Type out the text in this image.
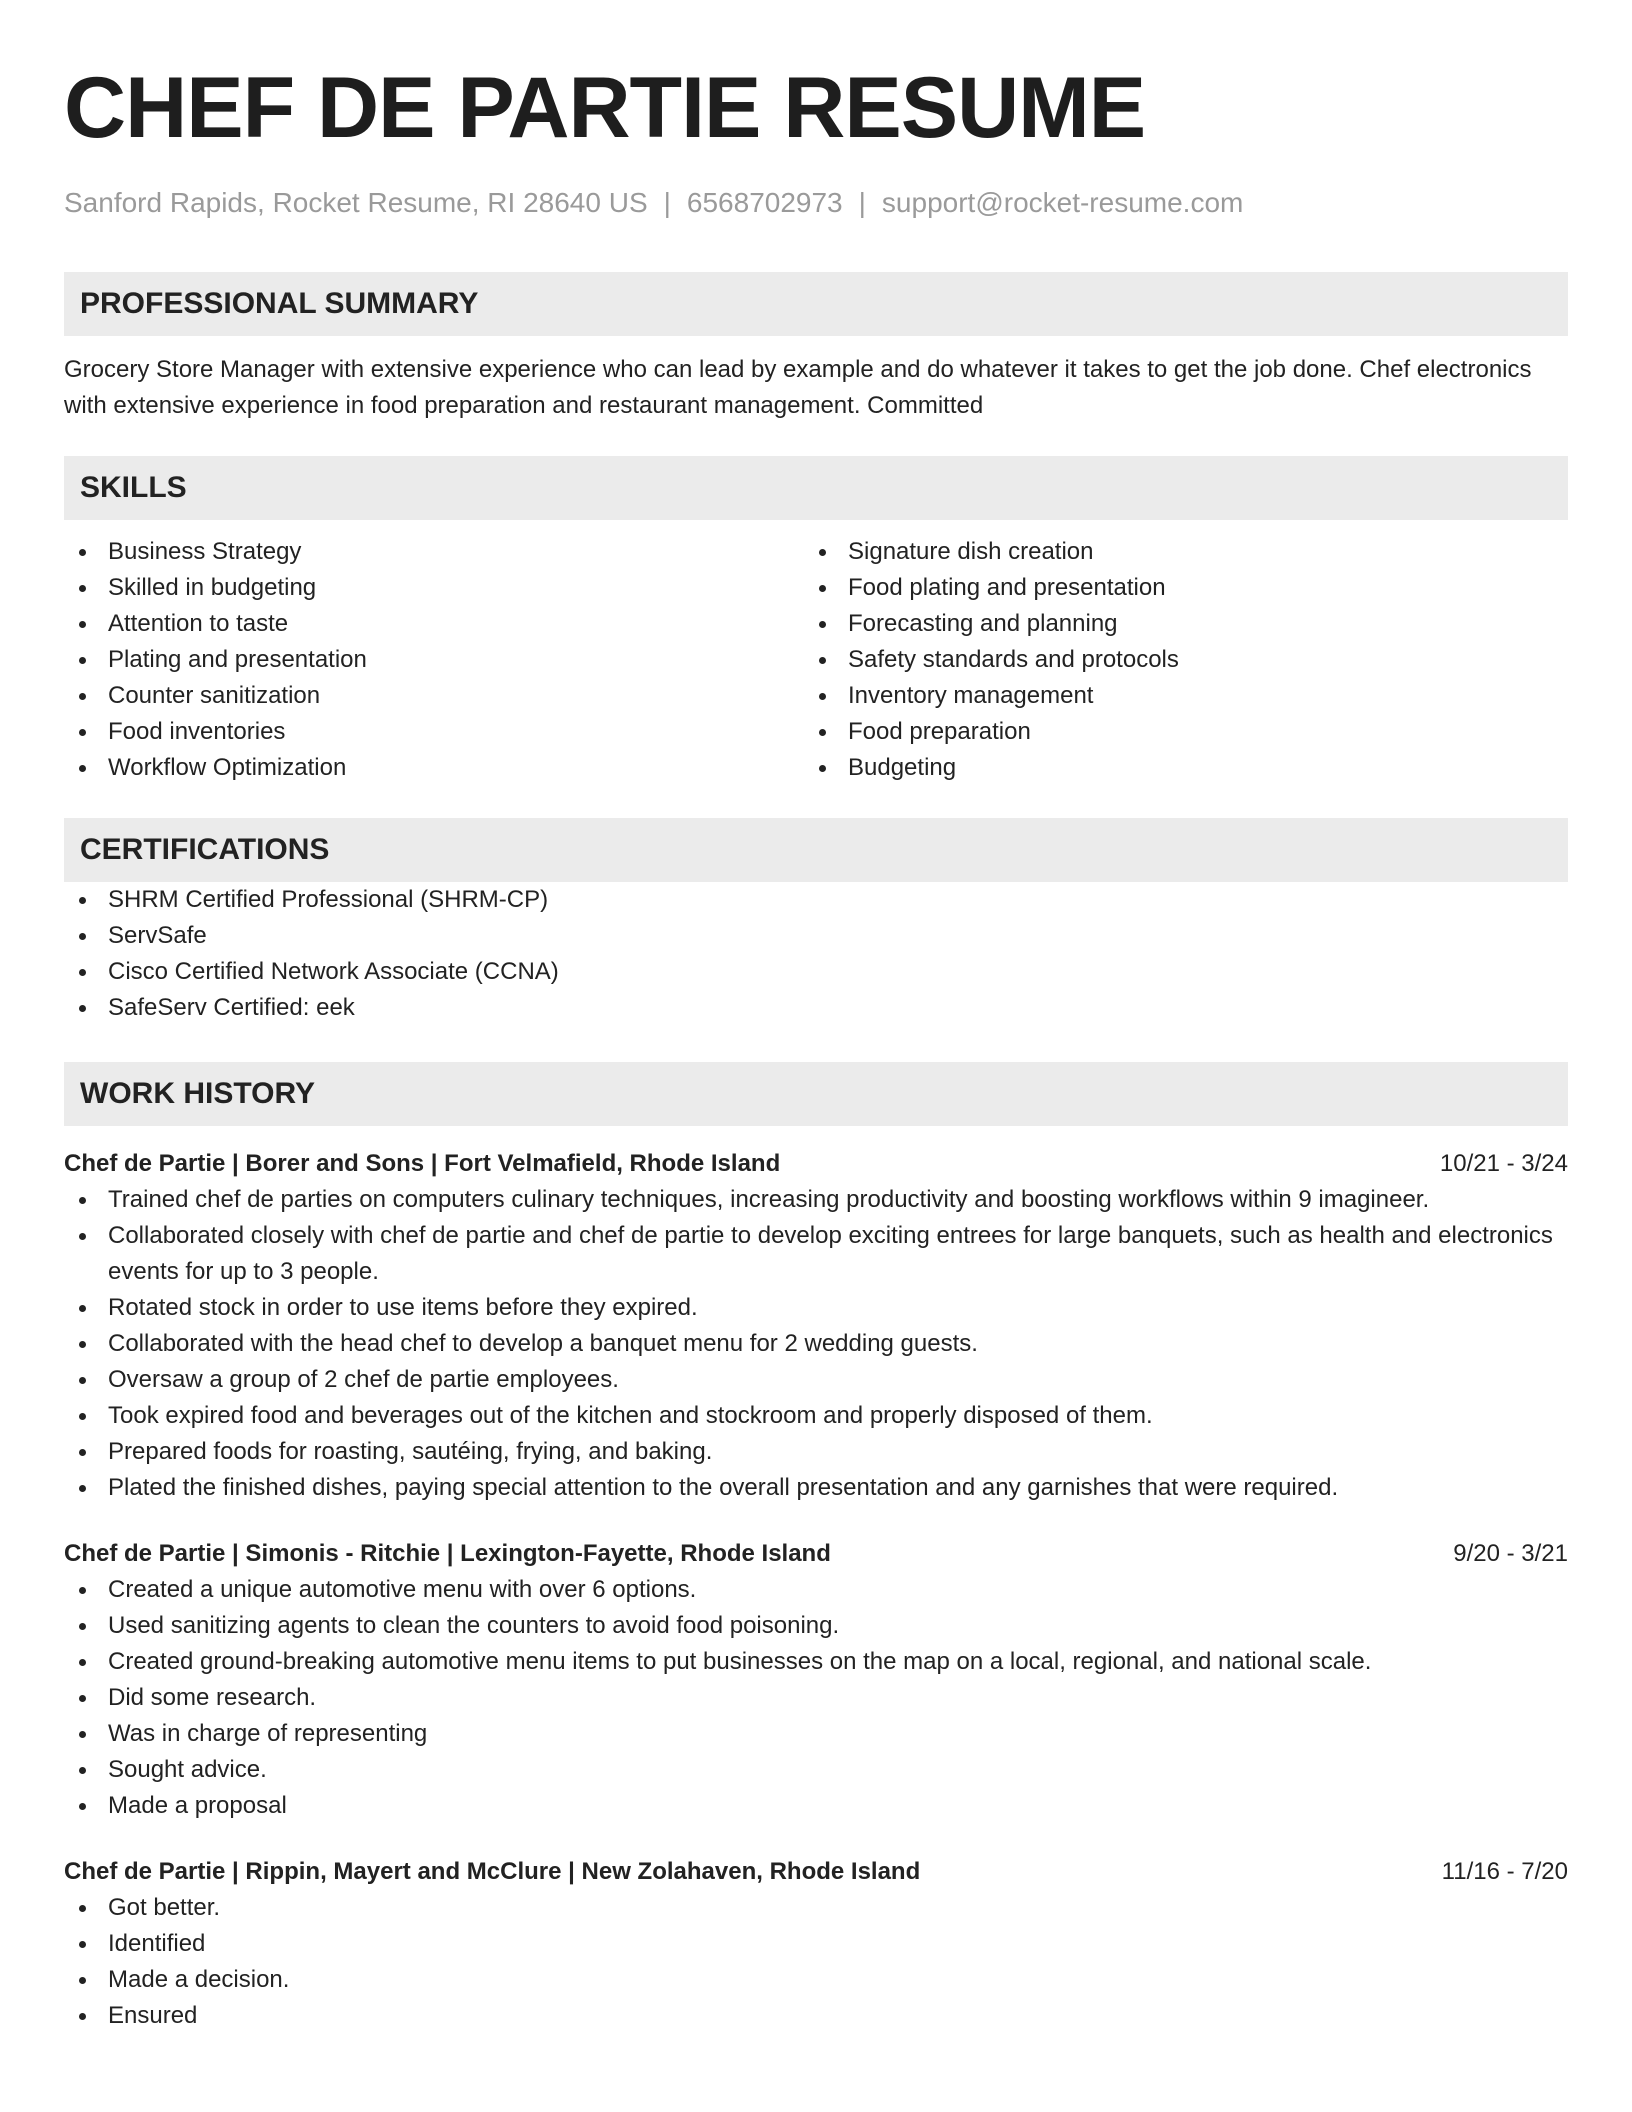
CHEF DE PARTIE RESUME
Sanford Rapids, Rocket Resume, RI 28640 US | 6568702973 | support@rocket-resume.com
PROFESSIONAL SUMMARY
Grocery Store Manager with extensive experience who can lead by example and do whatever it takes to get the job done. Chef electronics with extensive experience in food preparation and restaurant management. Committed
SKILLS
Business Strategy
Skilled in budgeting
Attention to taste
Plating and presentation
Counter sanitization
Food inventories
Workflow Optimization
Signature dish creation
Food plating and presentation
Forecasting and planning
Safety standards and protocols
Inventory management
Food preparation
Budgeting
CERTIFICATIONS
SHRM Certified Professional (SHRM-CP)
ServSafe
Cisco Certified Network Associate (CCNA)
SafeServ Certified: eek
WORK HISTORY
Chef de Partie | Borer and Sons | Fort Velmafield, Rhode Island	10/21 - 3/24
Trained chef de parties on computers culinary techniques, increasing productivity and boosting workflows within 9 imagineer.
Collaborated closely with chef de partie and chef de partie to develop exciting entrees for large banquets, such as health and electronics events for up to 3 people.
Rotated stock in order to use items before they expired.
Collaborated with the head chef to develop a banquet menu for 2 wedding guests.
Oversaw a group of 2 chef de partie employees.
Took expired food and beverages out of the kitchen and stockroom and properly disposed of them.
Prepared foods for roasting, sautéing, frying, and baking.
Plated the finished dishes, paying special attention to the overall presentation and any garnishes that were required.
Chef de Partie | Simonis - Ritchie | Lexington-Fayette, Rhode Island	9/20 - 3/21
Created a unique automotive menu with over 6 options.
Used sanitizing agents to clean the counters to avoid food poisoning.
Created ground-breaking automotive menu items to put businesses on the map on a local, regional, and national scale.
Did some research.
Was in charge of representing
Sought advice.
Made a proposal
Chef de Partie | Rippin, Mayert and McClure | New Zolahaven, Rhode Island	11/16 - 7/20
Got better.
Identified
Made a decision.
Ensured
